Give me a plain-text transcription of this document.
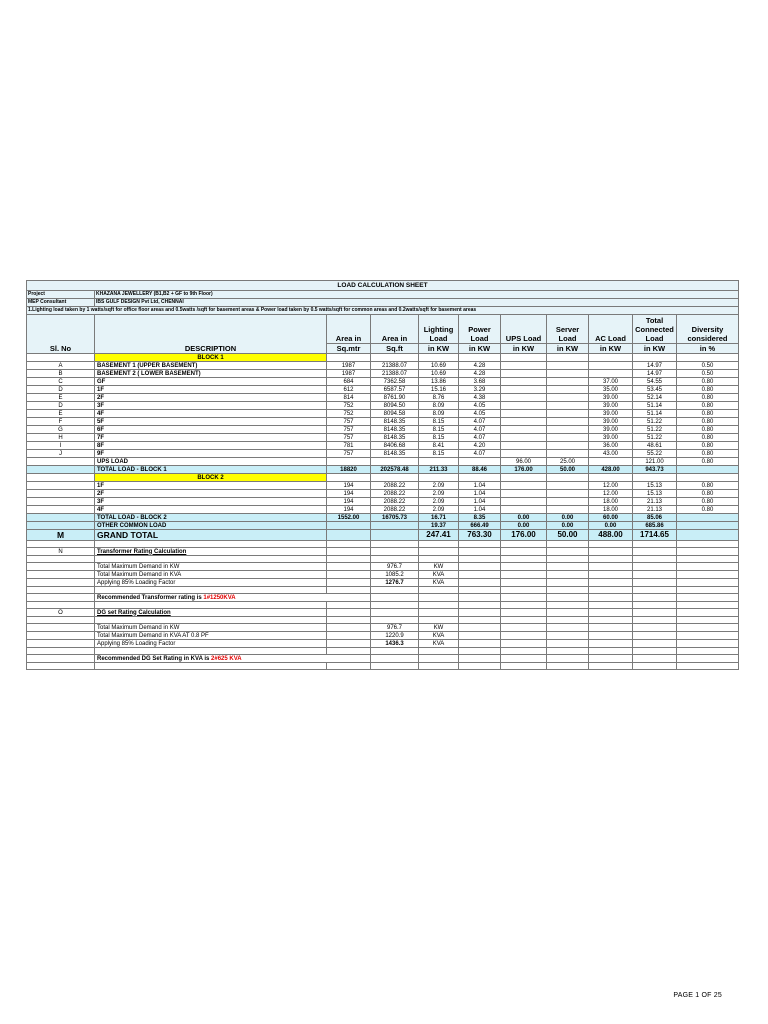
LOAD CALCULATION SHEET										
Project	KHAZANA JEWELLERY (B1,B2 + GF to 9th Floor)									
MEP Consultant	IBS GULF DESIGN Pvt Ltd, CHENNAI									
1.Lighting load taken by 1 watts/sqft for office floor areas and 0.5watts /sqft for basement areas & Power load taken by 0.5 watts/sqft for common areas and 0.2watts/sqft for basement areas										
Sl. No	DESCRIPTION	Area in	Area in	Lighting Load	Power Load	UPS Load	Server Load	AC Load	Total Connected Load	Diversity considered
		Sq.mtr	Sq.ft	in KW	in KW	in KW	in KW	in KW	in KW	in %
	BLOCK 1									
A	BASEMENT 1 (UPPER BASEMENT)	1987	21388.07	10.69	4.28				14.97	0.50
B	BASEMENT 2 ( LOWER BASEMENT)	1987	21388.07	10.69	4.28				14.97	0.50
C	GF	684	7362.58	13.86	3.68			37.00	54.55	0.80
D	1F	612	6587.57	15.16	3.29			35.00	53.45	0.80
E	2F	814	8761.90	8.76	4.38			39.00	52.14	0.80
D	3F	752	8094.50	8.09	4.05			39.00	51.14	0.80
E	4F	752	8094.58	8.09	4.05			39.00	51.14	0.80
F	5F	757	8148.35	8.15	4.07			39.00	51.22	0.80
G	6F	757	8148.35	8.15	4.07			39.00	51.22	0.80
H	7F	757	8148.35	8.15	4.07			39.00	51.22	0.80
I	8F	781	8406.68	8.41	4.20			36.00	48.61	0.80
J	9F	757	8148.35	8.15	4.07			43.00	55.22	0.80
	UPS LOAD					96.00	25.00		121.00	0.80
	TOTAL LOAD - BLOCK 1	18820	202578.48	211.33	88.46	176.00	50.00	428.00	943.73	
	BLOCK 2									
	1F	194	2088.22	2.09	1.04			12.00	15.13	0.80
	2F	194	2088.22	2.09	1.04			12.00	15.13	0.80
	3F	194	2088.22	2.09	1.04			18.00	21.13	0.80
	4F	194	2088.22	2.09	1.04			18.00	21.13	0.80
	TOTAL LOAD - BLOCK 2	1552.00	16705.73	16.71	8.35	0.00	0.00	60.00	85.06	
	OTHER COMMON LOAD			19.37	666.49	0.00	0.00	0.00	685.86	
M	GRAND TOTAL			247.41	763.30	176.00	50.00	488.00	1714.65	

N	Transformer Rating Calculation									

	Total Maximum Demand in KW		976.7	KW						
	Total Maximum Demand in KVA		1085.2	KVA						
	Applying 85% Loading Factor		1276.7	KVA						

	Recommended Transformer rating is 1#1250KVA									

O	DG set Rating Calculation									

	Total Maximum Demand in KW		976.7	KW						
	Total Maximum Demand in KVA AT 0.8 PF		1220.9	KVA						
	Applying 85% Loading Factor		1436.3	KVA						

	Recommended DG Set Rating in KVA is 2#625 KVA									

PAGE 1 OF 25
